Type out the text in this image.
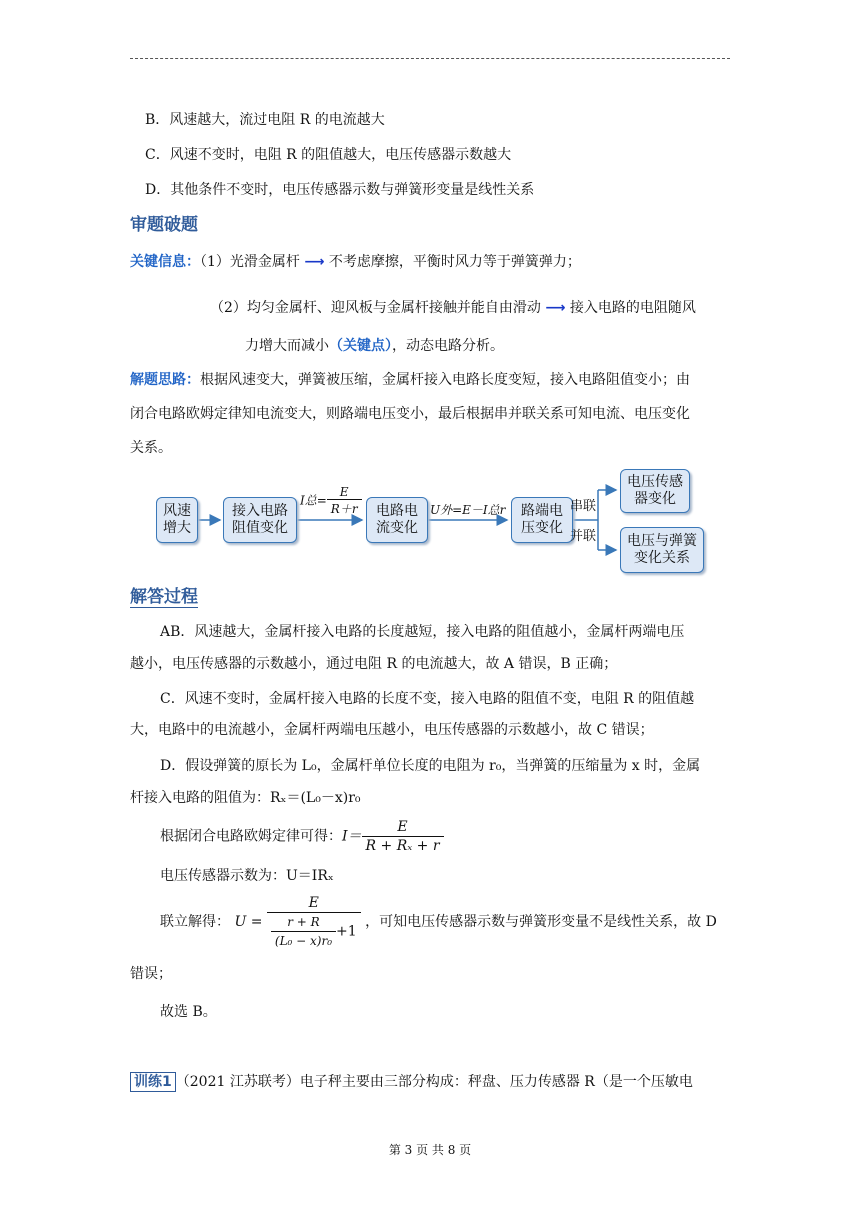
B．风速越大，流过电阻 R 的电流越大
C．风速不变时，电阻 R 的阻值越大，电压传感器示数越大
D．其他条件不变时，电压传感器示数与弹簧形变量是线性关系
审题破题
关键信息：（1）光滑金属杆 ⟶ 不考虑摩擦，平衡时风力等于弹簧弹力；
（2）均匀金属杆、迎风板与金属杆接触并能自由滑动 ⟶ 接入电路的电阻随风
力增大而减小（关键点），动态电路分析。
解题思路：根据风速变大，弹簧被压缩，金属杆接入电路长度变短，接入电路阻值变小；由
闭合电路欧姆定律知电流变大，则路端电压变小，最后根据串并联关系可知电流、电压变化
关系。
风速
增大
接入电路
阻值变化
电路电
流变化
路端电
压变化
电压传感
器变化
电压与弹簧
变化关系
I总= $\frac{E}{R+r}$	U外=E－I总r	串联
并联
解答过程
AB．风速越大，金属杆接入电路的长度越短，接入电路的阻值越小，金属杆两端电压
越小，电压传感器的示数越小，通过电阻 R 的电流越大，故 A 错误，B 正确；
C．风速不变时，金属杆接入电路的长度不变，接入电路的阻值不变，电阻 R 的阻值越
大，电路中的电流越小，金属杆两端电压越小，电压传感器的示数越小，故 C 错误；
D．假设弹簧的原长为 L₀，金属杆单位长度的电阻为 r₀，当弹簧的压缩量为 x 时，金属
杆接入电路的阻值为：Rₓ＝(L₀－x)r₀
根据闭合电路欧姆定律可得：$I= \frac{E}{\text{R + Rₓ + r}}$
电压传感器示数为：U＝IRₓ
联立解得： $U = \frac{E}{\frac{r + R}{\text{(L₀ − x)r₀}} +1}$ ，可知电压传感器示数与弹簧形变量不是线性关系，故 D
错误；
故选 B。
训练1 （2021 江苏联考）电子秤主要由三部分构成：秤盘、压力传感器 R（是一个压敏电
第 3 页 共 8 页
